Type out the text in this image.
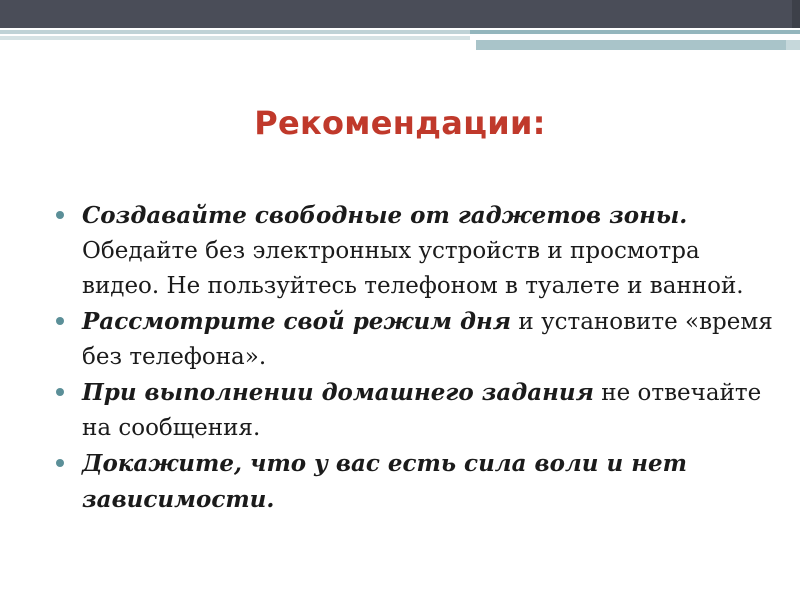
Рекомендации:
Создавайте свободные от гаджетов зоны. Обедайте без электронных устройств и просмотра видео. Не пользуйтесь телефоном в туалете и ванной.
Рассмотрите свой режим дня и установите «время без телефона».
При выполнении домашнего задания не отвечайте на сообщения.
Докажите, что у вас есть сила воли и нет зависимости.
